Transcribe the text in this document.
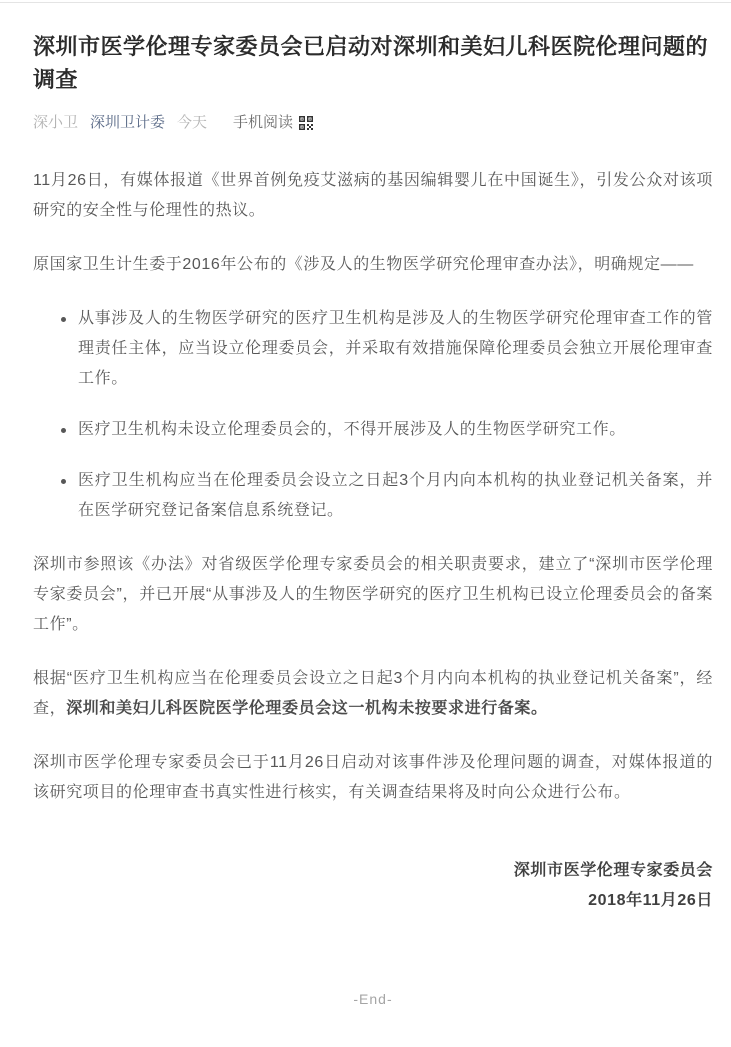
深圳市医学伦理专家委员会已启动对深圳和美妇儿科医院伦理问题的调查
深小卫 深圳卫计委 今天 手机阅读

11月26日，有媒体报道《世界首例免疫艾滋病的基因编辑婴儿在中国诞生》，引发公众对该项研究的安全性与伦理性的热议。

原国家卫生计生委于2016年公布的《涉及人的生物医学研究伦理审查办法》，明确规定——

从事涉及人的生物医学研究的医疗卫生机构是涉及人的生物医学研究伦理审查工作的管理责任主体，应当设立伦理委员会，并采取有效措施保障伦理委员会独立开展伦理审查工作。
医疗卫生机构未设立伦理委员会的，不得开展涉及人的生物医学研究工作。
医疗卫生机构应当在伦理委员会设立之日起3个月内向本机构的执业登记机关备案，并在医学研究登记备案信息系统登记。

深圳市参照该《办法》对省级医学伦理专家委员会的相关职责要求，建立了“深圳市医学伦理专家委员会”，并已开展“从事涉及人的生物医学研究的医疗卫生机构已设立伦理委员会的备案工作”。

根据“医疗卫生机构应当在伦理委员会设立之日起3个月内向本机构的执业登记机关备案”，经查，深圳和美妇儿科医院医学伦理委员会这一机构未按要求进行备案。

深圳市医学伦理专家委员会已于11月26日启动对该事件涉及伦理问题的调查，对媒体报道的该研究项目的伦理审查书真实性进行核实，有关调查结果将及时向公众进行公布。

深圳市医学伦理专家委员会
2018年11月26日
-End-
